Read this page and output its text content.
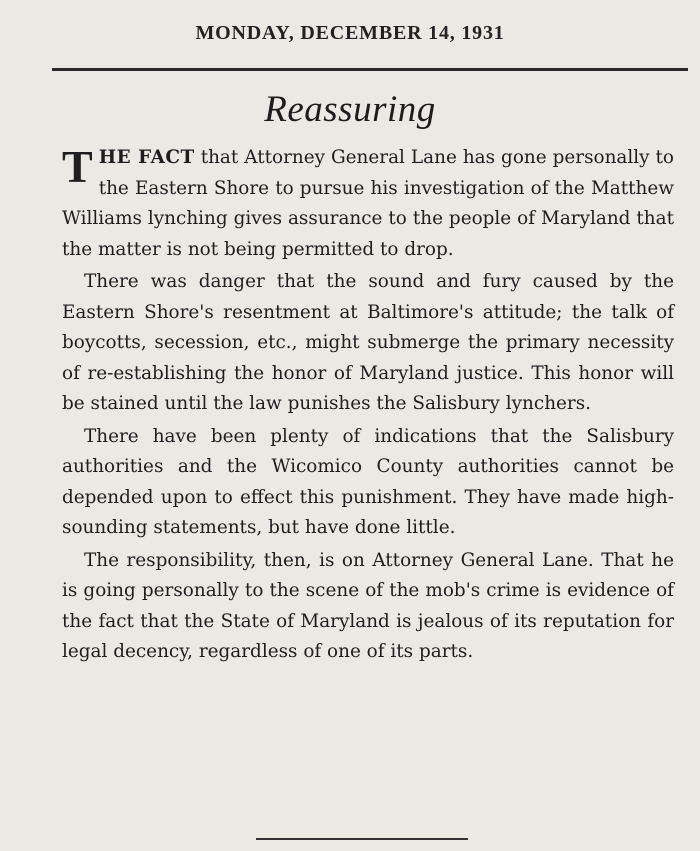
MONDAY, DECEMBER 14, 1931
Reassuring

THE FACT that Attorney General Lane has gone personally to the Eastern Shore to pursue his investigation of the Matthew Williams lynching gives assurance to the people of Maryland that the matter is not being permitted to drop.

There was danger that the sound and fury caused by the Eastern Shore's resentment at Baltimore's attitude; the talk of boycotts, secession, etc., might submerge the primary necessity of re-establishing the honor of Maryland justice. This honor will be stained until the law punishes the Salisbury lynchers.

There have been plenty of indications that the Salisbury authorities and the Wicomico County authorities cannot be depended upon to effect this punishment. They have made high-sounding statements, but have done little.

The responsibility, then, is on Attorney General Lane. That he is going personally to the scene of the mob's crime is evidence of the fact that the State of Maryland is jealous of its reputation for legal decency, regardless of one of its parts.
